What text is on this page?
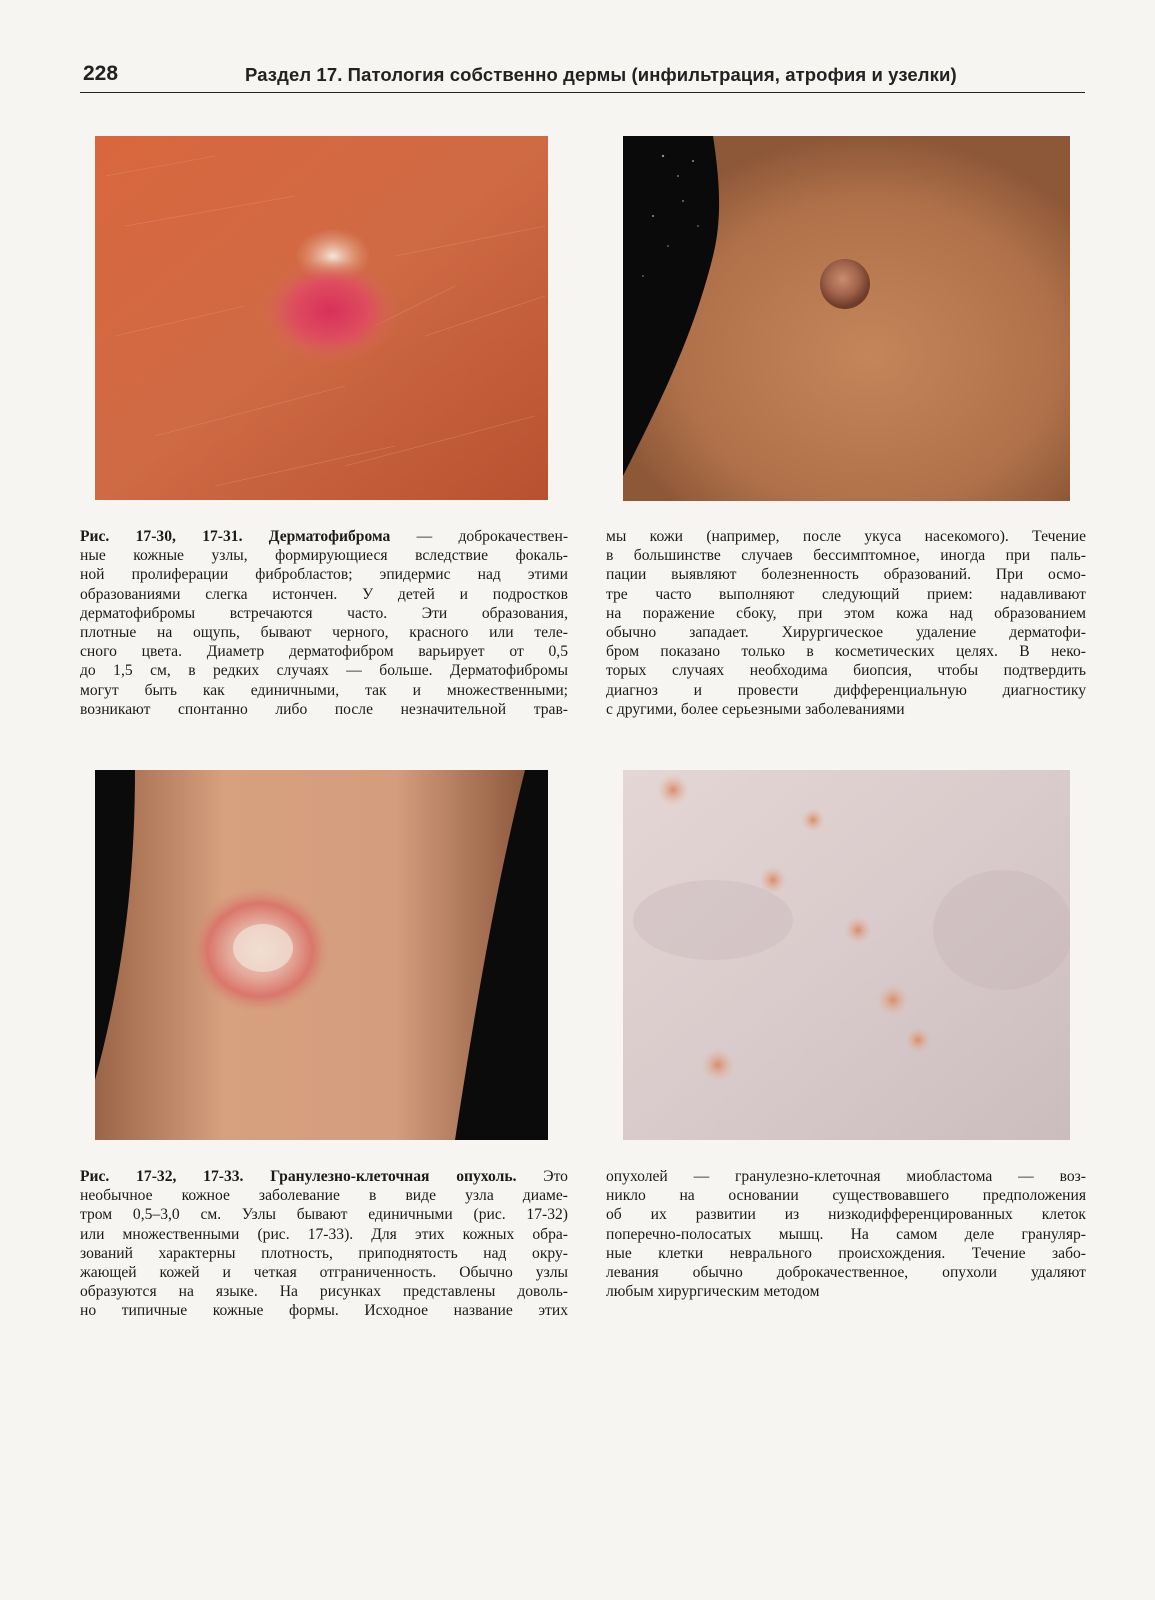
228	Раздел 17. Патология собственно дермы (инфильтрация, атрофия и узелки)
Рис. 17-30, 17-31. Дерматофиброма — доброкачествен-
ные кожные узлы, формирующиеся вследствие фокаль-
ной пролиферации фибробластов; эпидермис над этими
образованиями слегка истончен. У детей и подростков
дерматофибромы встречаются часто. Эти образования,
плотные на ощупь, бывают черного, красного или теле-
сного цвета. Диаметр дерматофибром варьирует от 0,5
до 1,5 см, в редких случаях — больше. Дерматофибромы
могут быть как единичными, так и множественными;
возникают спонтанно либо после незначительной трав-
мы кожи (например, после укуса насекомого). Течение
в большинстве случаев бессимптомное, иногда при паль-
пации выявляют болезненность образований. При осмо-
тре часто выполняют следующий прием: надавливают
на поражение сбоку, при этом кожа над образованием
обычно западает. Хирургическое удаление дерматофи-
бром показано только в косметических целях. В неко-
торых случаях необходима биопсия, чтобы подтвердить
диагноз и провести дифференциальную диагностику
с другими, более серьезными заболеваниями
Рис. 17-32, 17-33. Гранулезно-клеточная опухоль. Это
необычное кожное заболевание в виде узла диаме-
тром 0,5–3,0 см. Узлы бывают единичными (рис. 17-32)
или множественными (рис. 17-33). Для этих кожных обра-
зований характерны плотность, приподнятость над окру-
жающей кожей и четкая отграниченность. Обычно узлы
образуются на языке. На рисунках представлены доволь-
но типичные кожные формы. Исходное название этих
опухолей — гранулезно-клеточная миобластома — воз-
никло на основании существовавшего предположения
об их развитии из низкодифференцированных клеток
поперечно-полосатых мышц. На самом деле грануляр-
ные клетки неврального происхождения. Течение забо-
левания обычно доброкачественное, опухоли удаляют
любым хирургическим методом
